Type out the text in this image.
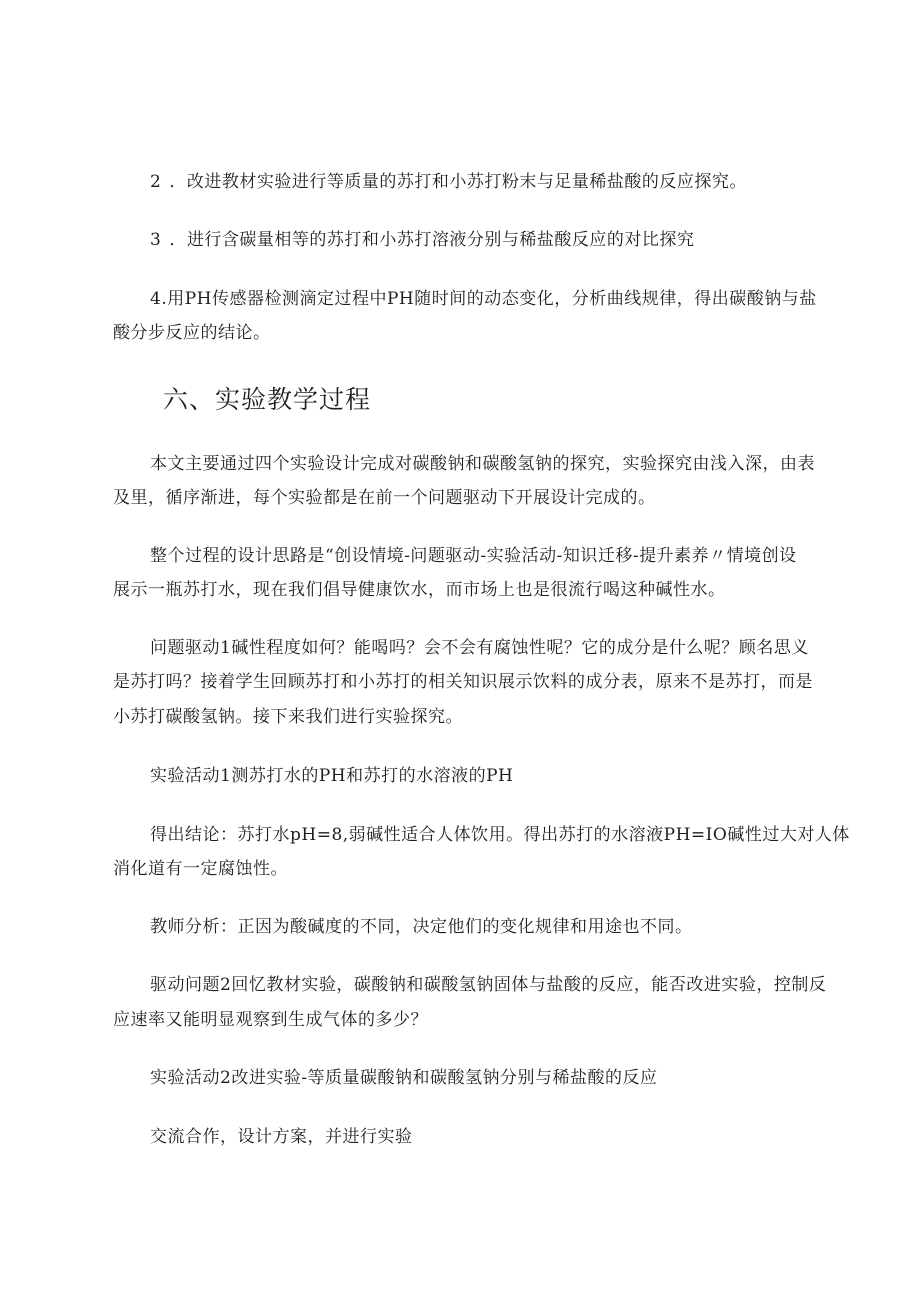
2 ．改进教材实验进行等质量的苏打和小苏打粉末与足量稀盐酸的反应探究。
3 ．进行含碳量相等的苏打和小苏打溶液分别与稀盐酸反应的对比探究
4.用PH传感器检测滴定过程中PH随时间的动态变化，分析曲线规律，得出碳酸钠与盐
酸分步反应的结论。
六、实验教学过程
本文主要通过四个实验设计完成对碳酸钠和碳酸氢钠的探究，实验探究由浅入深，由表
及里，循序渐进，每个实验都是在前一个问题驱动下开展设计完成的。
整个过程的设计思路是“创设情境-问题驱动-实验活动-知识迁移-提升素养〃情境创设
展示一瓶苏打水，现在我们倡导健康饮水，而市场上也是很流行喝这种碱性水。
问题驱动1碱性程度如何？能喝吗？会不会有腐蚀性呢？它的成分是什么呢？顾名思义
是苏打吗？接着学生回顾苏打和小苏打的相关知识展示饮料的成分表，原来不是苏打，而是
小苏打碳酸氢钠。接下来我们进行实验探究。
实验活动1测苏打水的PH和苏打的水溶液的PH
得出结论：苏打水pH=8,弱碱性适合人体饮用。得出苏打的水溶液PH=IO碱性过大对人体
消化道有一定腐蚀性。
教师分析：正因为酸碱度的不同，决定他们的变化规律和用途也不同。
驱动问题2回忆教材实验，碳酸钠和碳酸氢钠固体与盐酸的反应，能否改进实验，控制反
应速率又能明显观察到生成气体的多少？
实验活动2改进实验-等质量碳酸钠和碳酸氢钠分别与稀盐酸的反应
交流合作，设计方案，并进行实验
